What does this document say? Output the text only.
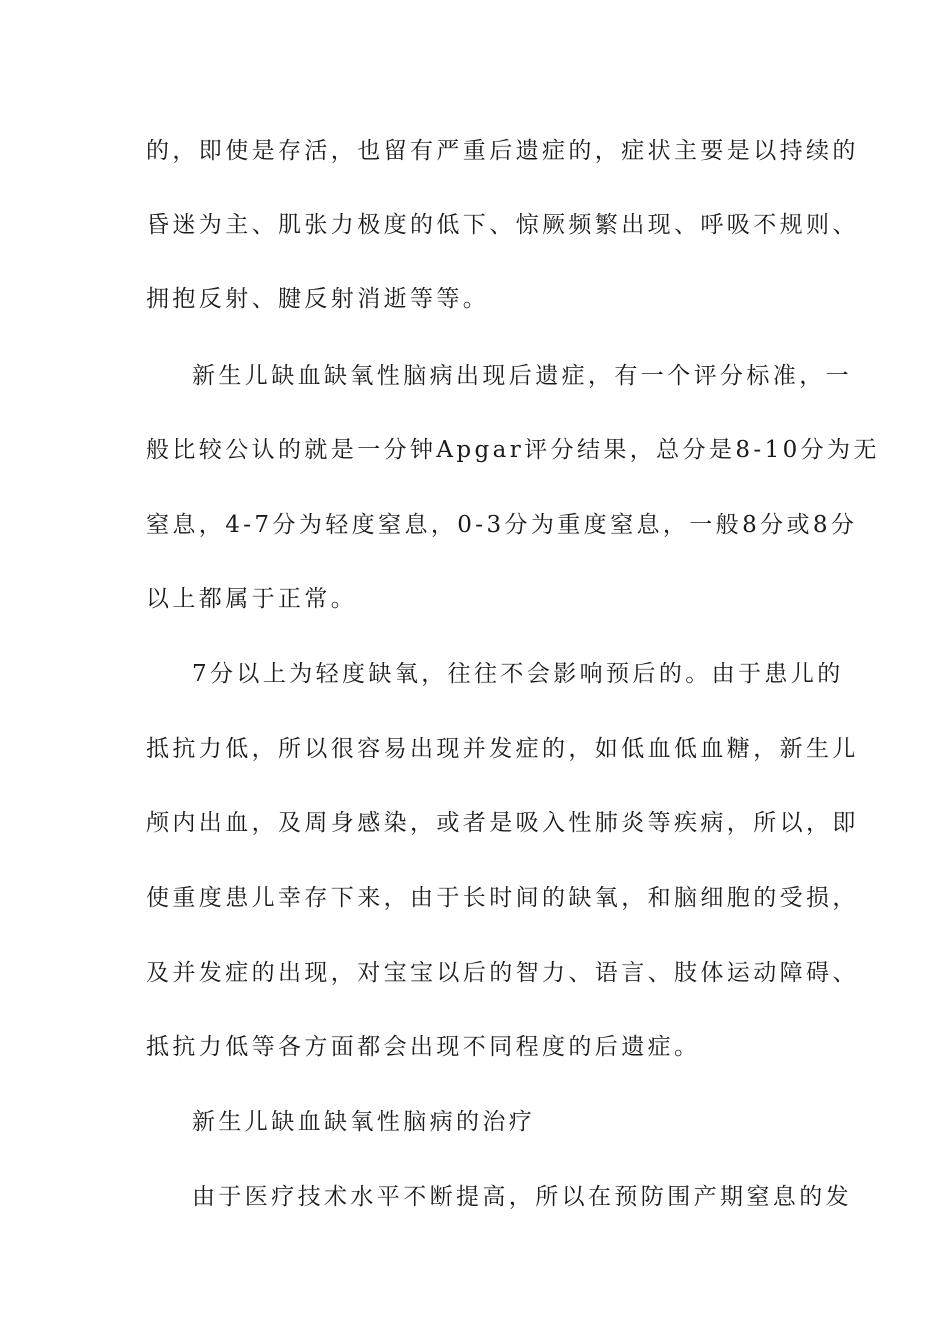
的，即使是存活，也留有严重后遗症的，症状主要是以持续的
昏迷为主、肌张力极度的低下、惊厥频繁出现、呼吸不规则、
拥抱反射、腱反射消逝等等。
新生儿缺血缺氧性脑病出现后遗症，有一个评分标准，一
般比较公认的就是一分钟Apgar评分结果，总分是8-10分为无
窒息，4-7分为轻度窒息，0-3分为重度窒息，一般8分或8分
以上都属于正常。
7分以上为轻度缺氧，往往不会影响预后的。由于患儿的
抵抗力低，所以很容易出现并发症的，如低血低血糖，新生儿
颅内出血，及周身感染，或者是吸入性肺炎等疾病，所以，即
使重度患儿幸存下来，由于长时间的缺氧，和脑细胞的受损，
及并发症的出现，对宝宝以后的智力、语言、肢体运动障碍、
抵抗力低等各方面都会出现不同程度的后遗症。
新生儿缺血缺氧性脑病的治疗
由于医疗技术水平不断提高，所以在预防围产期窒息的发
